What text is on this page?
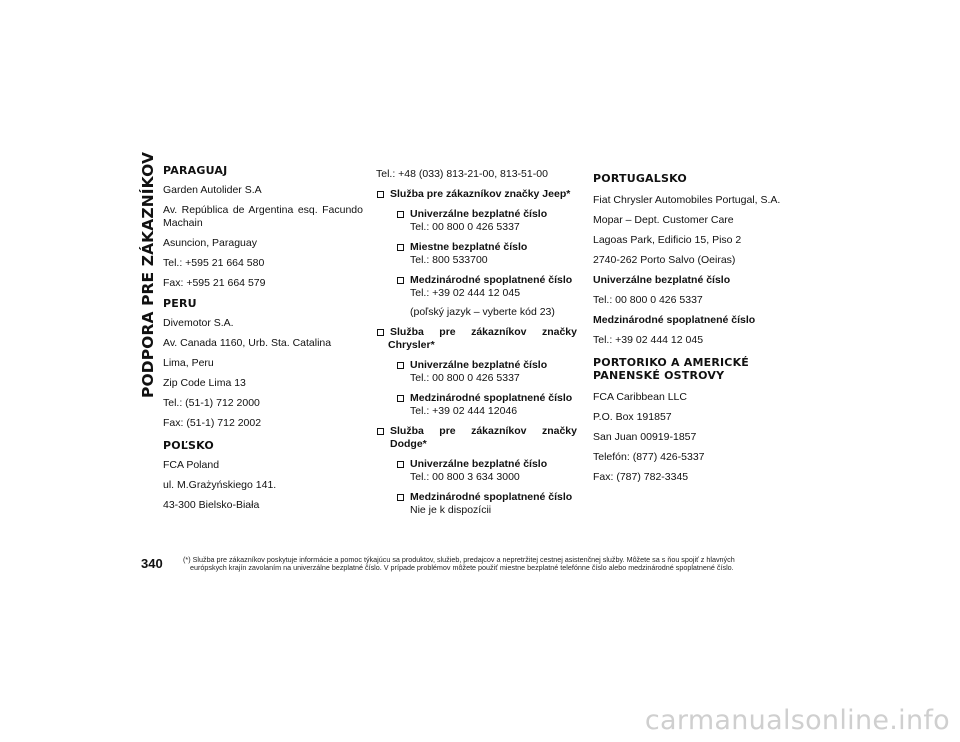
PODPORA PRE ZÁKAZNÍKOV PARAGUAJ
Garden Autolider S.A
Av. República de Argentina esq. Facundo Machain
Asuncion, Paraguay
Tel.: +595 21 664 580
Fax: +595 21 664 579
PERU
Divemotor S.A.
Av. Canada 1160, Urb. Sta. Catalina
Lima, Peru
Zip Code Lima 13
Tel.: (51-1) 712 2000
Fax: (51-1) 712 2002
POĽSKO
FCA Poland
ul. M.Grażyńskiego 141.
43-300 Bielsko-Biała
Tel.: +48 (033) 813-21-00, 813-51-00
Služba pre zákazníkov značky Jeep*
Univerzálne bezplatné číslo
Tel.: 00 800 0 426 5337
Miestne bezplatné číslo
Tel.: 800 533700
Medzinárodné spoplatnené číslo
Tel.: +39 02 444 12 045
(poľský jazyk – vyberte kód 23)
Služba pre zákazníkov značky
Chrysler*
Univerzálne bezplatné číslo
Tel.: 00 800 0 426 5337
Medzinárodné spoplatnené číslo
Tel.: +39 02 444 12046
Služba pre zákazníkov značky Dodge*
Univerzálne bezplatné číslo
Tel.: 00 800 3 634 3000
Medzinárodné spoplatnené číslo
Nie je k dispozícii
PORTUGALSKO
Fiat Chrysler Automobiles Portugal, S.A.
Mopar – Dept. Customer Care
Lagoas Park, Edificio 15, Piso 2
2740-262 Porto Salvo (Oeiras)
Univerzálne bezplatné číslo
Tel.: 00 800 0 426 5337
Medzinárodné spoplatnené číslo
Tel.: +39 02 444 12 045
PORTORIKO A AMERICKÉ
PANENSKÉ OSTROVY
FCA Caribbean LLC
P.O. Box 191857
San Juan 00919-1857
Telefón: (877) 426-5337
Fax: (787) 782-3345
340	(*) Služba pre zákazníkov poskytuje informácie a pomoc týkajúcu sa produktov, služieb, predajcov a nepretržitej cestnej asistenčnej služby. Môžete sa s ňou spojiť z hlavných
európskych krajín zavolaním na univerzálne bezplatné číslo. V prípade problémov môžete použiť miestne bezplatné telefónne číslo alebo medzinárodné spoplatnené číslo.
carmanualsonline.info
